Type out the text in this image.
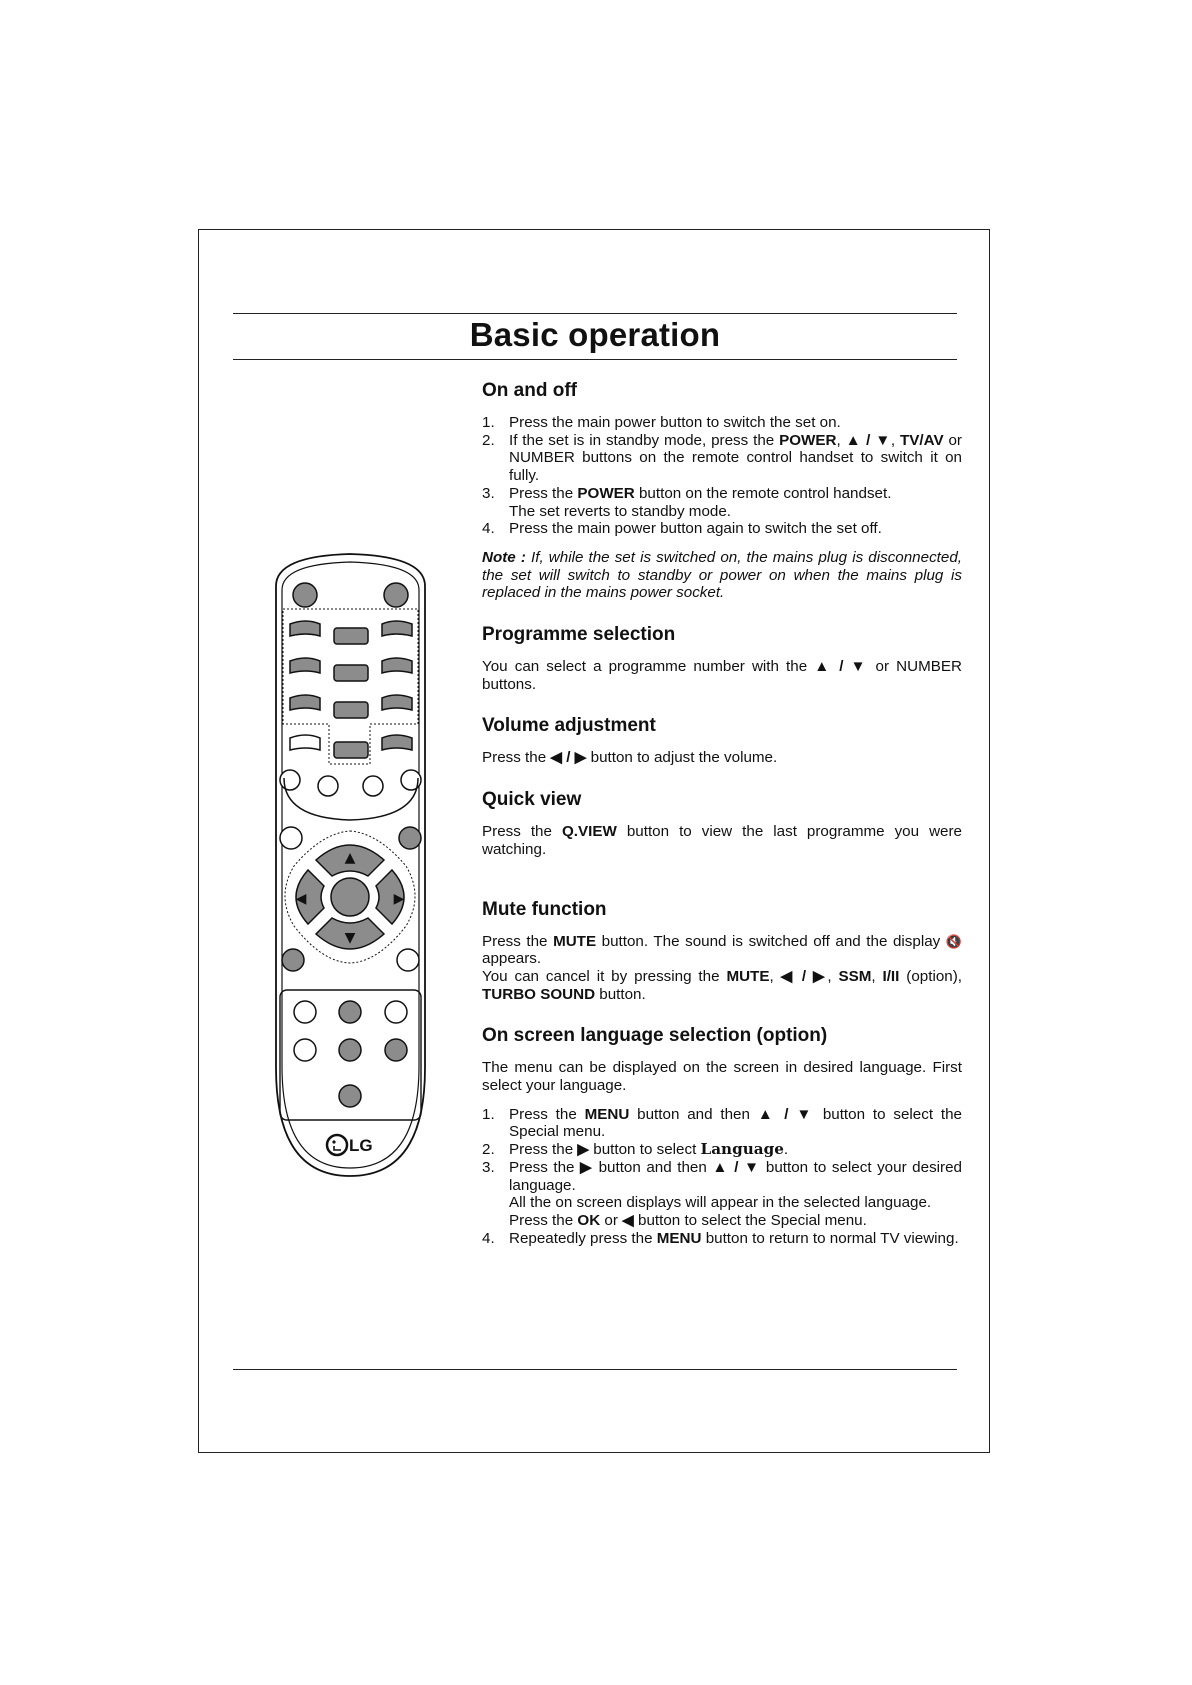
Basic operation
▲
▼
◀	▶
LG
On and off
1. Press the main power button to switch the set on.
2. If the set is in standby mode, press the POWER, ▲ / ▼, TV/AV or NUMBER buttons on the remote control handset to switch it on fully.
3. Press the POWER button on the remote control handset.
The set reverts to standby mode.
4. Press the main power button again to switch the set off.

Note : If, while the set is switched on, the mains plug is disconnected, the set will switch to standby or power on when the mains plug is replaced in the mains power socket.

Programme selection

You can select a programme number with the ▲ / ▼ or NUMBER buttons.

Volume adjustment

Press the ◀ / ▶ button to adjust the volume.

Quick view

Press the Q.VIEW button to view the last programme you were watching.

Mute function

Press the MUTE button. The sound is switched off and the display 🔇 appears.
You can cancel it by pressing the MUTE, ◀ / ▶, SSM, I/II (option), TURBO SOUND button.

On screen language selection (option)

The menu can be displayed on the screen in desired language. First select your language.

1. Press the MENU button and then ▲ / ▼ button to select the Special menu.
2. Press the ▶ button to select Language.
3. Press the ▶ button and then ▲ / ▼ button to select your desired language.
All the on screen displays will appear in the selected language.
Press the OK or ◀ button to select the Special menu.
4. Repeatedly press the MENU button to return to normal TV viewing.
